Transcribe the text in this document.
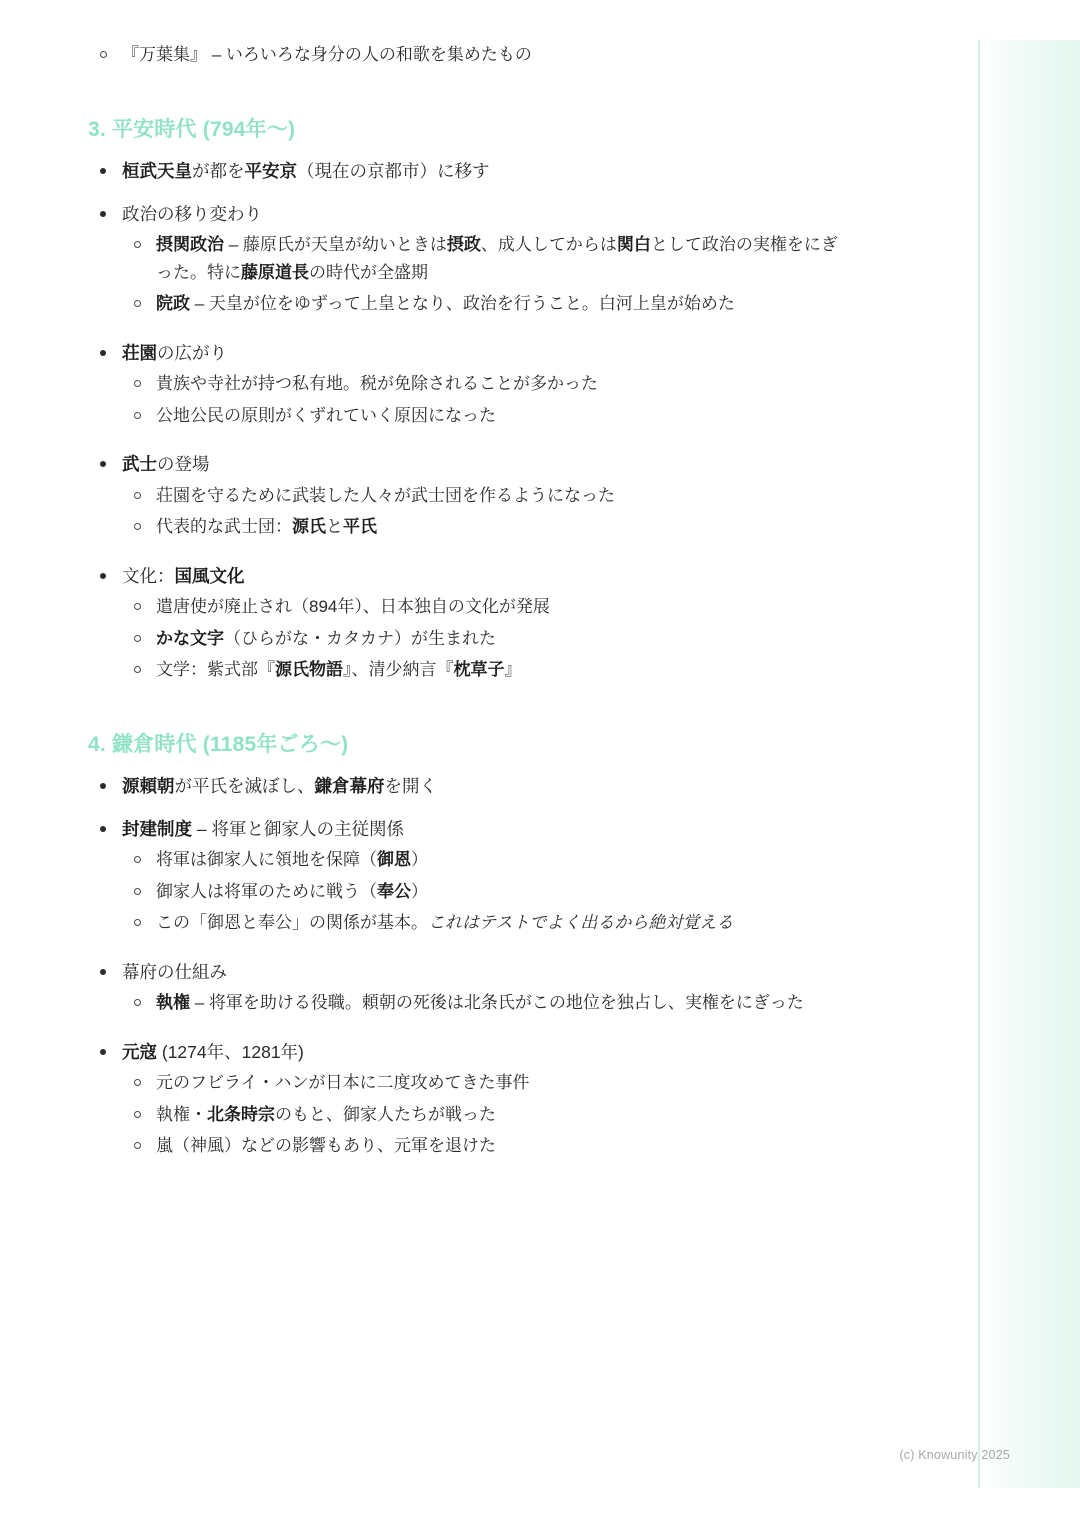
『万葉集』 – いろいろな身分の人の和歌を集めたもの
3. 平安時代 (794年〜)
桓武天皇が都を平安京（現在の京都市）に移す
政治の移り変わり
摂関政治 – 藤原氏が天皇が幼いときは摂政、成人してからは関白として政治の実権をにぎった。特に藤原道長の時代が全盛期
院政 – 天皇が位をゆずって上皇となり、政治を行うこと。白河上皇が始めた
荘園の広がり
貴族や寺社が持つ私有地。税が免除されることが多かった
公地公民の原則がくずれていく原因になった
武士の登場
荘園を守るために武装した人々が武士団を作るようになった
代表的な武士団：源氏と平氏
文化：国風文化
遣唐使が廃止され（894年）、日本独自の文化が発展
かな文字（ひらがな・カタカナ）が生まれた
文学：紫式部『源氏物語』、清少納言『枕草子』
4. 鎌倉時代 (1185年ごろ〜)
源頼朝が平氏を滅ぼし、鎌倉幕府を開く
封建制度 – 将軍と御家人の主従関係
将軍は御家人に領地を保障（御恩）
御家人は将軍のために戦う（奉公）
この「御恩と奉公」の関係が基本。これはテストでよく出るから絶対覚える
幕府の仕組み
執権 – 将軍を助ける役職。頼朝の死後は北条氏がこの地位を独占し、実権をにぎった
元寇 (1274年、1281年)
元のフビライ・ハンが日本に二度攻めてきた事件
執権・北条時宗のもと、御家人たちが戦った
嵐（神風）などの影響もあり、元軍を退けた
(c) Knowunity 2025
